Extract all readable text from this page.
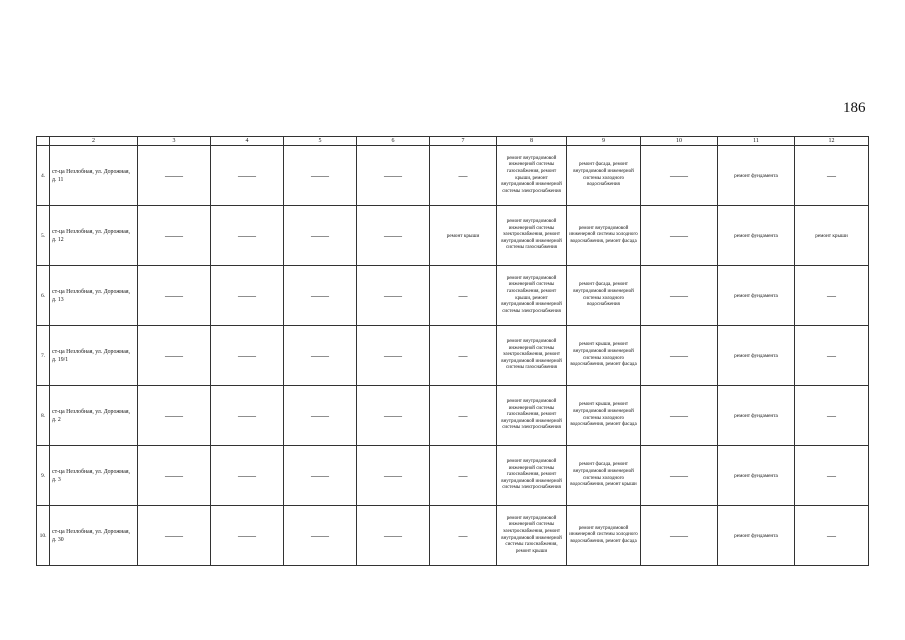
186
	2	3	4	5	6	7	8	9	10	11	12
4.	ст-ца Незлобная, ул. Дорожная, д. 11	——	——	——	——	—	ремонт внутридомовой инженерной системы газоснабжения, ремонт крыши, ремонт внутридомовой инженерной системы электроснабжения	ремонт фасада, ремонт внутридомовой инженерной системы холодного водоснабжения	——	ремонт фундамента	—
5.	ст-ца Незлобная, ул. Дорожная, д. 12	——	——	——	——	ремонт крыши	ремонт внутридомовой инженерной системы электроснабжения, ремонт внутридомовой инженерной системы газоснабжения	ремонт внутридомовой инженерной системы холодного водоснабжения, ремонт фасада	——	ремонт фундамента	ремонт крыши
6.	ст-ца Незлобная, ул. Дорожная, д. 13	——	——	——	——	—	ремонт внутридомовой инженерной системы газоснабжения, ремонт крыши, ремонт внутридомовой инженерной системы электроснабжения	ремонт фасада, ремонт внутридомовой инженерной системы холодного водоснабжения	——	ремонт фундамента	—
7.	ст-ца Незлобная, ул. Дорожная, д. 19/1	——	——	——	——	—	ремонт внутридомовой инженерной системы электроснабжения, ремонт внутридомовой инженерной системы газоснабжения	ремонт крыши, ремонт внутридомовой инженерной системы холодного водоснабжения, ремонт фасада	——	ремонт фундамента	—
8.	ст-ца Незлобная, ул. Дорожная, д. 2	——	——	——	——	—	ремонт внутридомовой инженерной системы газоснабжения, ремонт внутридомовой инженерной системы электроснабжения	ремонт крыши, ремонт внутридомовой инженерной системы холодного водоснабжения, ремонт фасада	——	ремонт фундамента	—
9.	ст-ца Незлобная, ул. Дорожная, д. 3	——	——	——	——	—	ремонт внутридомовой инженерной системы газоснабжения, ремонт внутридомовой инженерной системы электроснабжения	ремонт фасада, ремонт внутридомовой инженерной системы холодного водоснабжения, ремонт крыши	——	ремонт фундамента	—
10.	ст-ца Незлобная, ул. Дорожная, д. 30	——	——	——	——	—	ремонт внутридомовой инженерной системы электроснабжения, ремонт внутридомовой инженерной системы газоснабжения, ремонт крыши	ремонт внутридомовой инженерной системы холодного водоснабжения, ремонт фасада	——	ремонт фундамента	—
